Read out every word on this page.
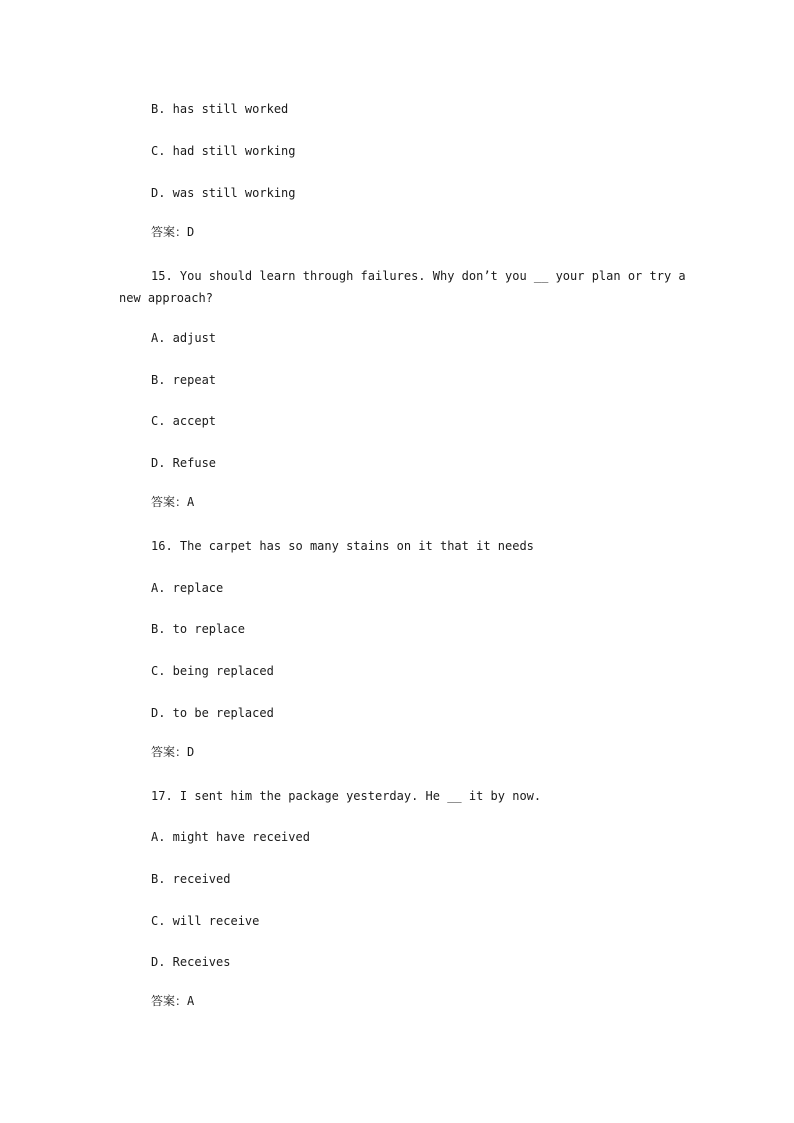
B. has still worked
C. had still working
D. was still working
答案：D
15. You should learn through failures. Why don’t you __ your plan or try a
new approach?
A. adjust
B. repeat
C. accept
D. Refuse
答案：A
16. The carpet has so many stains on it that it needs
A. replace
B. to replace
C. being replaced
D. to be replaced
答案：D
17. I sent him the package yesterday. He __ it by now.
A. might have received
B. received
C. will receive
D. Receives
答案：A
